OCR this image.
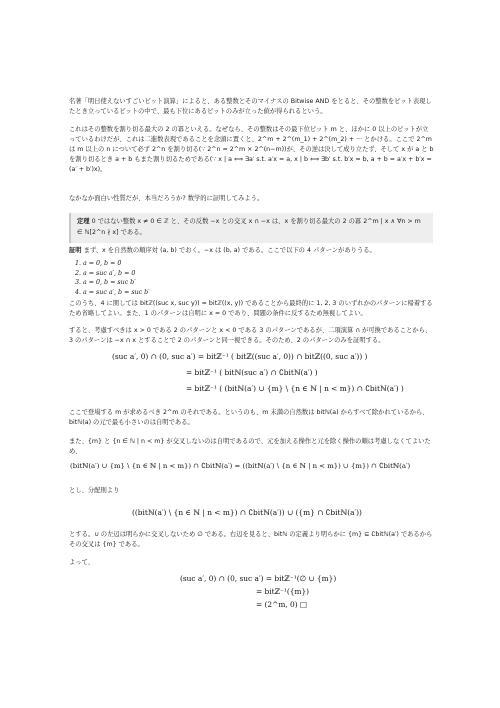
名著「明日使えないすごいビット演算」によると、ある整数とそのマイナスの Bitwise AND をとると、その整数をビット表現したとき立っているビットの中で、最も下位にあるビットのみが立った値が得られるという。

これはその整数を割り切る最大の 2 の冪といえる。なぜなら、その整数はその最下位ビット m と、ほかに 0 以上のビットが立っているわけだが、これは二進数表現であることを念頭に置くと、2^m + 2^(m_1) + 2^(m_2) + ··· とかける。ここで 2^m は m 以上の n について必ず 2^n を割り切る(∵ 2^n = 2^m × 2^(n−m))が、その逆は決して成り立たず、そして x が a と b を割り切るとき a + b もまた割り切るためである(∵ x | a ⟺ ∃a′ s.t. a′x = a, x | b ⟺ ∃b′ s.t. b′x = b, a + b = a′x + b′x = (a′ + b′)x)。

なかなか面白い性質だが、本当だろうか? 数学的に証明してみよう。

定理 0 ではない整数 x ≠ 0 ∈ ℤ と、その反数 −x との交叉 x ∩ −x は、x を割り切る最大の 2 の冪 2^m | x ∧ ∀n > m ∈ ℕ[2^n ∤ x] である。

証明 まず、x を自然数の順序対 (a, b) でおく。−x は (b, a) である。ここで以下の 4 パターンがありうる。

1. a = 0, b = 0
2. a = suc a′, b = 0
3. a = 0, b = suc b′
4. a = suc a′, b = suc b′

このうち、4 に関しては bitℤ((suc x, suc y)) = bitℤ((x, y)) であることから最終的に 1, 2, 3 のいずれかのパターンに帰着するため省略してよい。また、1 のパターンは自明に x = 0 であり、問題の条件に反するため無視してよい。

すると、考慮すべきは x > 0 である 2 のパターンと x < 0 である 3 のパターンであるが、二項演算 ∩ が可換であることから、3 のパターンは −x ∩ x とすることで 2 のパターンと同一視できる。そのため、2 のパターンのみを証明する。

(suc a′, 0) ∩ (0, suc a′) = bitℤ⁻¹ ( bitℤ((suc a′, 0)) ∩ bitℤ((0, suc a′)) )
= bitℤ⁻¹ ( bitℕ(suc a′) ∩ ∁bitℕ(a′) )
= bitℤ⁻¹ ( (bitℕ(a′) ∪ {m} \ {n ∈ ℕ | n < m}) ∩ ∁bitℕ(a′) )

ここで登場する m が求めるべき 2^m のそれである。というのも、m 未満の自然数は bitℕ(a) からすべて除かれているから、bitℕ(a) の元で最も小さいのは自明である。

また、{m} と {n ∈ ℕ | n < m} が交叉しないのは自明であるので、元を加える操作と元を除く操作の順は考慮しなくてよいため、

(bitℕ(a′) ∪ {m} \ {n ∈ ℕ | n < m}) ∩ ∁bitℕ(a′) = ((bitℕ(a′) \ {n ∈ ℕ | n < m}) ∪ {m}) ∩ ∁bitℕ(a′)

とし、分配則より

((bitℕ(a′) \ {n ∈ ℕ | n < m}) ∩ ∁bitℕ(a′)) ∪ ({m} ∩ ∁bitℕ(a′))

とする。∪ の左辺は明らかに交叉しないため ∅ である。右辺を見ると、bitℕ の定義より明らかに {m} ⊆ ∁bitℕ(a′) であるからその交叉は {m} である。

よって、

(suc a′, 0) ∩ (0, suc a′) = bitℤ⁻¹(∅ ∪ {m})
= bitℤ⁻¹({m})
= (2^m, 0) □
